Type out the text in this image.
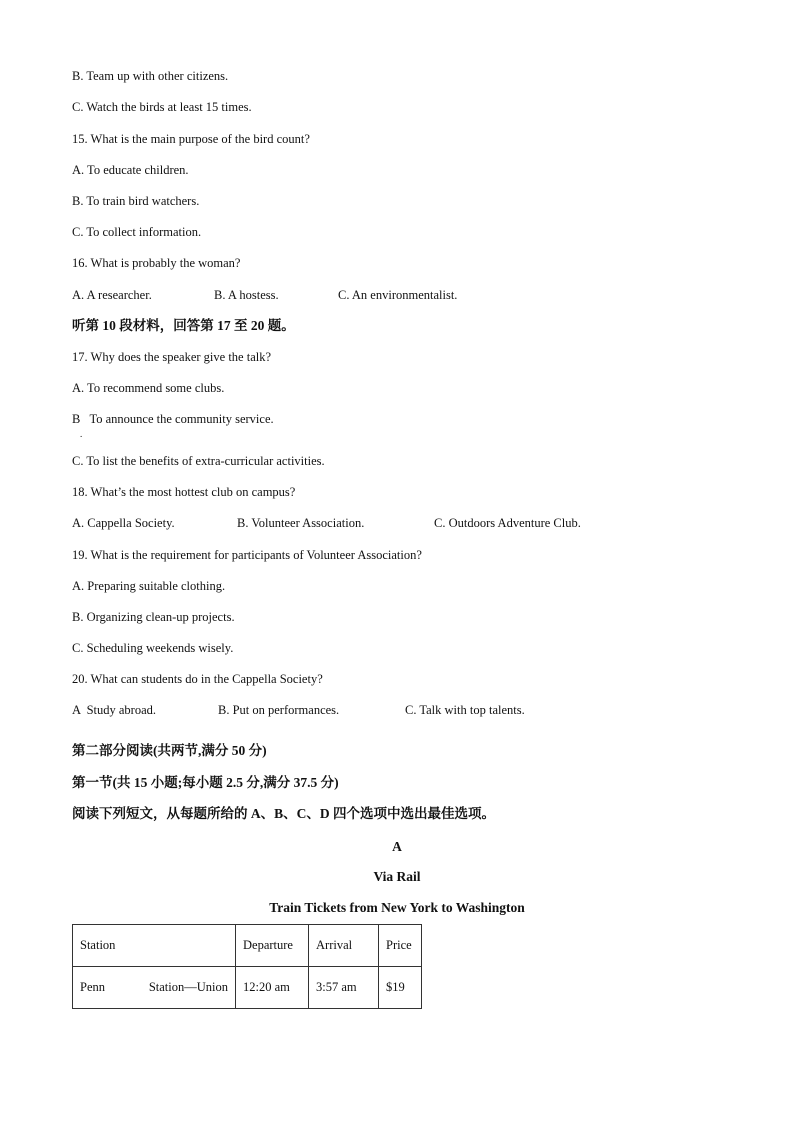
B. Team up with other citizens.
C. Watch the birds at least 15 times.
15. What is the main purpose of the bird count?
A. To educate children.
B. To train bird watchers.
C. To collect information.
16. What is probably the woman?
A. A researcher.	B. A hostess.	C. An environmentalist.
听第 10 段材料，回答第 17 至 20 题。
17. Why does the speaker give the talk?
A. To recommend some clubs.
B   To announce the community service.
.
C. To list the benefits of extra-curricular activities.
18. What’s the most hottest club on campus?
A. Cappella Society.	B. Volunteer Association.	C. Outdoors Adventure Club.
19. What is the requirement for participants of Volunteer Association?
A. Preparing suitable clothing.
B. Organizing clean-up projects.
C. Scheduling weekends wisely.
20. What can students do in the Cappella Society?
A  Study abroad.	B. Put on performances.	C. Talk with top talents.
第二部分阅读(共两节,满分 50 分)
第一节(共 15 小题;每小题 2.5 分,满分 37.5 分)
阅读下列短文，从每题所给的 A、B、C、D 四个选项中选出最佳选项。
A
Via Rail
Train Tickets from New York to Washington
Station	Departure	Arrival	Price

Penn Station—Union	12:20 am	3:57 am	$19
